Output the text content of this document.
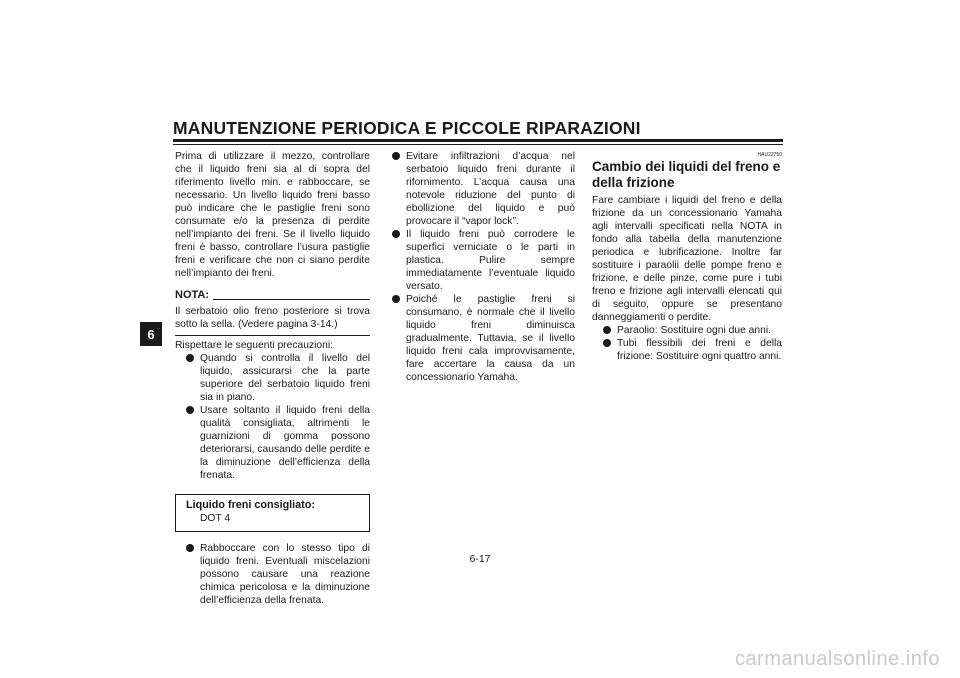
MANUTENZIONE PERIODICA E PICCOLE RIPARAZIONI
6

Prima di utilizzare il mezzo, controllare che il liquido freni sia al di sopra del riferimento livello min. e rabboccare, se necessario. Un livello liquido freni basso può indicare che le pastiglie freni sono consumate e/o la presenza di perdite nell’impianto dei freni. Se il livello liquido freni è basso, controllare l’usura pastiglie freni e verificare che non ci siano perdite nell’impianto dei freni.

NOTA:

Il serbatoio olio freno posteriore si trova sotto la sella. (Vedere pagina 3-14.)

Rispettare le seguenti precauzioni:

Quando si controlla il livello del liquido, assicurarsi che la parte superiore del serbatoio liquido freni sia in piano.
Usare soltanto il liquido freni della qualità consigliata, altrimenti le guarnizioni di gomma possono deteriorarsi, causando delle perdite e la diminuzione dell’efficienza della frenata.
Liquido freni consigliato:
DOT 4
Rabboccare con lo stesso tipo di liquido freni. Eventuali miscelazioni possono causare una reazione chimica pericolosa e la diminuzione dell’efficienza della frenata.
Evitare infiltrazioni d’acqua nel serbatoio liquido freni durante il rifornimento. L’acqua causa una notevole riduzione del punto di ebollizione del liquido e può provocare il “vapor lock”.
Il liquido freni può corrodere le superfici verniciate o le parti in plastica. Pulire sempre immediatamente l’eventuale liquido versato.
Poiché le pastiglie freni si consumano, è normale che il livello liquido freni diminuisca gradualmente. Tuttavia, se il livello liquido freni cala improvvisamente, fare accertare la causa da un concessionario Yamaha.
HAU22750
Cambio dei liquidi del freno e della frizione

Fare cambiare i liquidi del freno e della frizione da un concessionario Yamaha agli intervalli specificati nella NOTA in fondo alla tabella della manutenzione periodica e lubrificazione. Inoltre far sostituire i paraolii delle pompe freno e frizione, e delle pinze, come pure i tubi freno e frizione agli intervalli elencati qui di seguito, oppure se presentano danneggiamenti o perdite.

Paraolio: Sostituire ogni due anni.
Tubi flessibili dei freni e della frizione: Sostituire ogni quattro anni.
6-17
carmanualsonline.info
